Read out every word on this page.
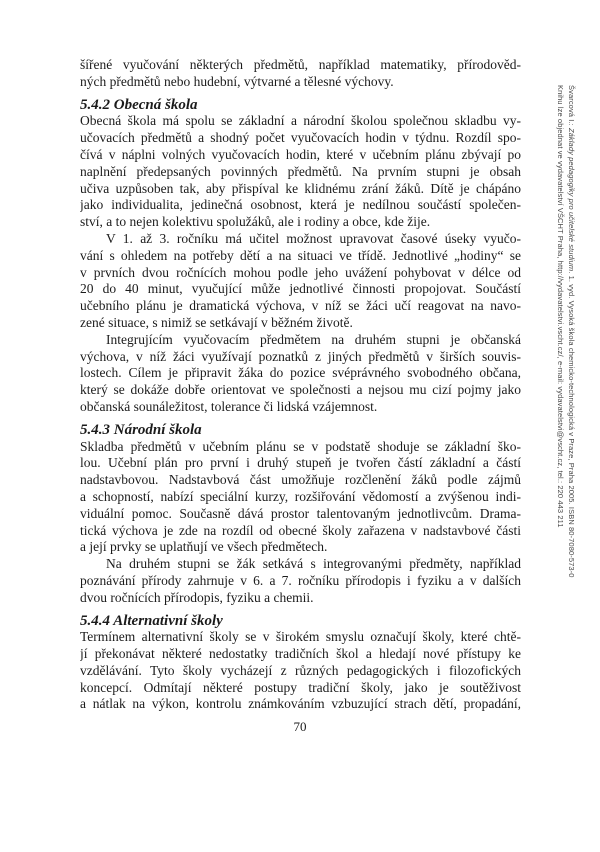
šířené vyučování některých předmětů, například matematiky, přírodověd-
ných předmětů nebo hudební, výtvarné a tělesné výchovy.
5.4.2 Obecná škola
Obecná škola má spolu se základní a národní školou společnou skladbu vy-
učovacích předmětů a shodný počet vyučovacích hodin v týdnu. Rozdíl spo-
čívá v náplni volných vyučovacích hodin, které v učebním plánu zbývají po
naplnění předepsaných povinných předmětů. Na prvním stupni je obsah
učiva uzpůsoben tak, aby přispíval ke klidnému zrání žáků. Dítě je chápáno
jako individualita, jedinečná osobnost, která je nedílnou součástí společen-
ství, a to nejen kolektivu spolužáků, ale i rodiny a obce, kde žije.
V 1. až 3. ročníku má učitel možnost upravovat časové úseky vyučo-
vání s ohledem na potřeby dětí a na situaci ve třídě. Jednotlivé „hodiny“ se
v prvních dvou ročnících mohou podle jeho uvážení pohybovat v délce od
20 do 40 minut, vyučující může jednotlivé činnosti propojovat. Součástí
učebního plánu je dramatická výchova, v níž se žáci učí reagovat na navo-
zené situace, s nimiž se setkávají v běžném životě.
Integrujícím vyučovacím předmětem na druhém stupni je občanská
výchova, v níž žáci využívají poznatků z jiných předmětů v širších souvis-
lostech. Cílem je připravit žáka do pozice svéprávného svobodného občana,
který se dokáže dobře orientovat ve společnosti a nejsou mu cizí pojmy jako
občanská sounáležitost, tolerance či lidská vzájemnost.
5.4.3 Národní škola
Skladba předmětů v učebním plánu se v podstatě shoduje se základní ško-
lou. Učební plán pro první i druhý stupeň je tvořen částí základní a částí
nadstavbovou. Nadstavbová část umožňuje rozčlenění žáků podle zájmů
a schopností, nabízí speciální kurzy, rozšiřování vědomostí a zvýšenou indi-
viduální pomoc. Současně dává prostor talentovaným jednotlivcům. Drama-
tická výchova je zde na rozdíl od obecné školy zařazena v nadstavbové části
a její prvky se uplatňují ve všech předmětech.
Na druhém stupni se žák setkává s integrovanými předměty, například
poznávání přírody zahrnuje v 6. a 7. ročníku přírodopis i fyziku a v dalších
dvou ročnících přírodopis, fyziku a chemii.
5.4.4 Alternativní školy
Termínem alternativní školy se v širokém smyslu označují školy, které chtě-
jí překonávat některé nedostatky tradičních škol a hledají nové přístupy ke
vzdělávání. Tyto školy vycházejí z různých pedagogických i filozofických
koncepcí. Odmítají některé postupy tradiční školy, jako je soutěživost
a nátlak na výkon, kontrolu známkováním vzbuzující strach dětí, propadání,
Švarcová I.: Základy pedagogiky pro učitelské studium. 1. vyd. Vysoká škola chemicko-technologická v Praze, Praha 2005. ISBN 80-7080-573-0
Knihu lze objednat ve vydavatelství VŠCHT Praha, http://vydavatelstvi.vscht.cz/, e-mail: vydavatelstvi@vscht.cz, tel.: 220 443 211
70
